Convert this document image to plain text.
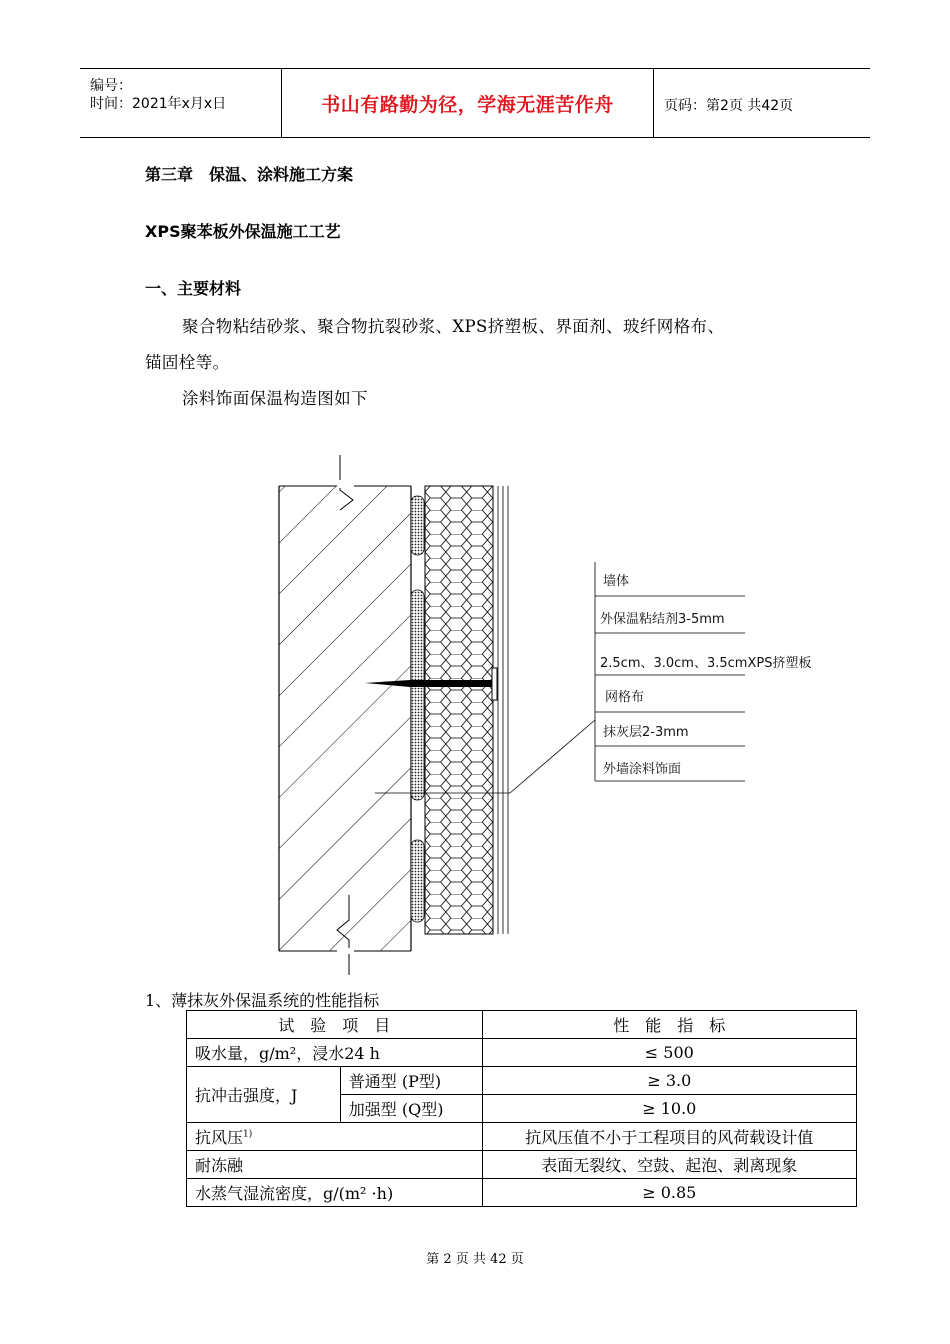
编号：
时间：2021年x月x日	书山有路勤为径，学海无涯苦作舟	页码：第2页 共42页
第三章　保温、涂料施工方案
XPS聚苯板外保温施工工艺
一、主要材料
聚合物粘结砂浆、聚合物抗裂砂浆、XPS挤塑板、界面剂、玻纤网格布、
锚固栓等。
涂料饰面保温构造图如下
墙体
外保温粘结剂3-5mm
2.5cm、3.0cm、3.5cmXPS挤塑板
网格布
抹灰层2-3mm
外墙涂料饰面
1、薄抹灰外保温系统的性能指标
试　验　项　目		性　能　指　标
吸水量，g/m²，浸水24 h		≤ 500
抗冲击强度，J	普通型 (P型)	≥ 3.0
	加强型 (Q型)	≥ 10.0
抗风压$^{1)}$		抗风压值不小于工程项目的风荷载设计值
耐冻融		表面无裂纹、空鼓、起泡、剥离现象
水蒸气湿流密度，g/(m² ·h)		≥ 0.85
第 2 页 共 42 页
